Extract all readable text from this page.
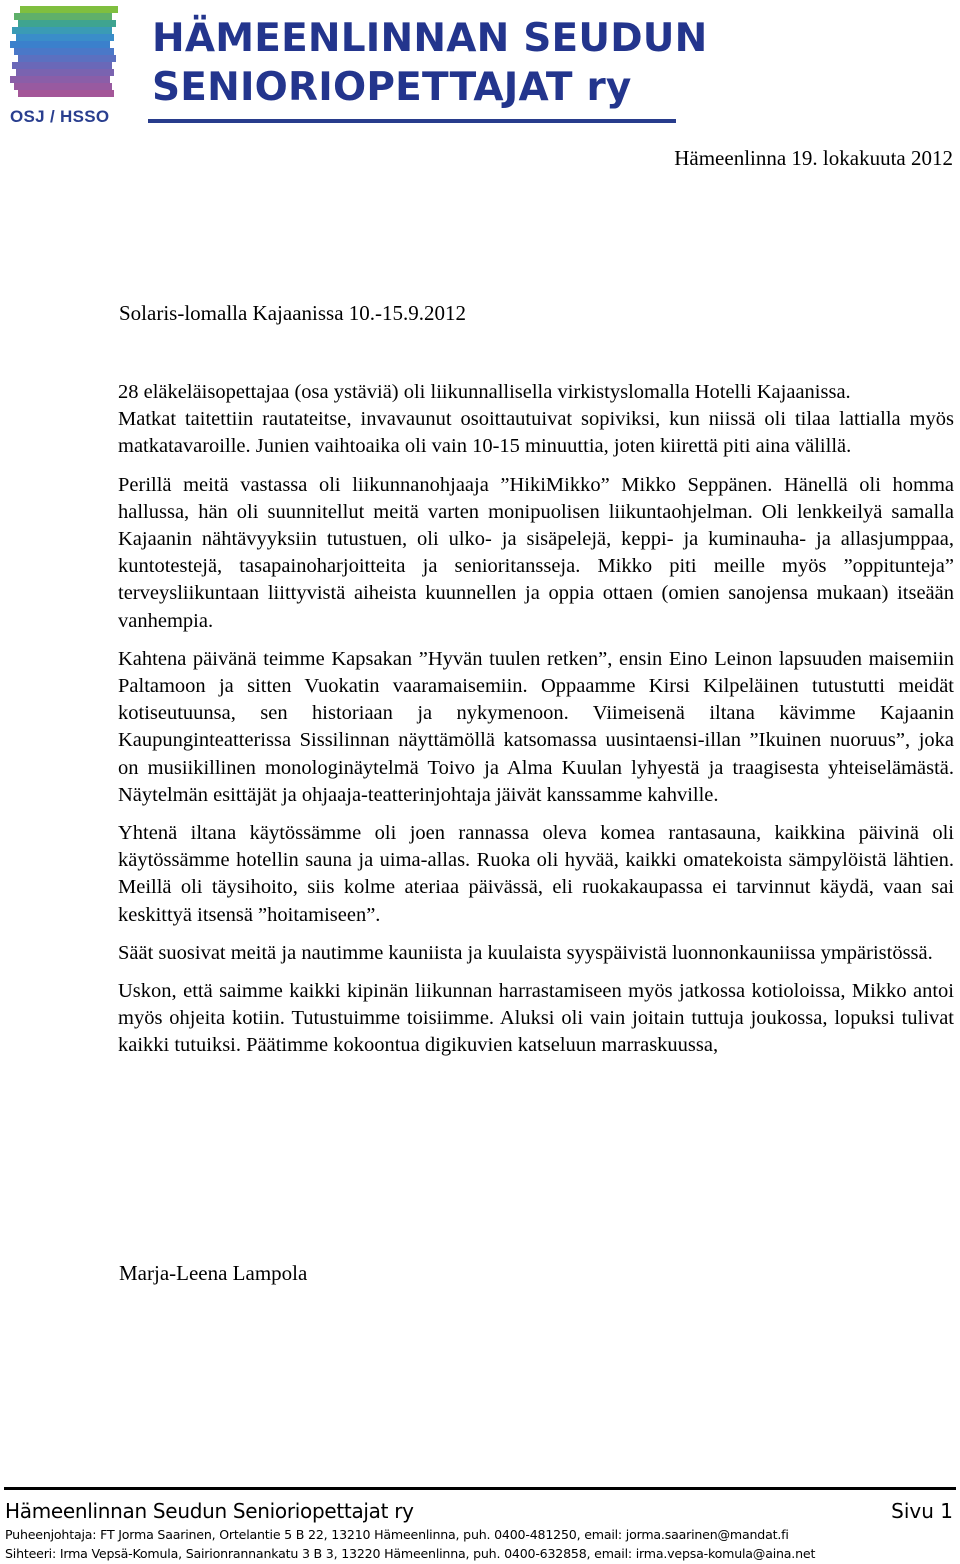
OSJ / HSSO
HÄMEENLINNAN SEUDUN
SENIORIOPETTAJAT ry
Hämeenlinna 19. lokakuuta 2012
Solaris-lomalla Kajaanissa 10.-15.9.2012

28 eläkeläisopettajaa (osa ystäviä) oli liikunnallisella virkistyslomalla Hotelli Kajaanissa.

Matkat taitettiin rautateitse, invavaunut osoittautuivat sopiviksi, kun niissä oli tilaa lattialla myös matkatavaroille. Junien vaihtoaika oli vain 10-15 minuuttia, joten kiirettä piti aina välillä.

Perillä meitä vastassa oli liikunnanohjaaja ”HikiMikko” Mikko Seppänen. Hänellä oli homma hallussa, hän oli suunnitellut meitä varten monipuolisen liikuntaohjelman. Oli lenkkeilyä samalla Kajaanin nähtävyyksiin tutustuen, oli ulko- ja sisäpelejä, keppi- ja kuminauha- ja allasjumppaa, kuntotestejä, tasapainoharjoitteita ja senioritansseja. Mikko piti meille myös ”oppitunteja” terveysliikuntaan liittyvistä aiheista kuunnellen ja oppia ottaen (omien sanojensa mukaan) itseään vanhempia.

Kahtena päivänä teimme Kapsakan ”Hyvän tuulen retken”, ensin Eino Leinon lapsuuden maisemiin Paltamoon ja sitten Vuokatin vaaramaisemiin. Oppaamme Kirsi Kilpeläinen tutustutti meidät kotiseutuunsa, sen historiaan ja nykymenoon. Viimeisenä iltana kävimme Kajaanin Kaupunginteatterissa Sissilinnan näyttämöllä katsomassa uusintaensi-illan ”Ikuinen nuoruus”, joka on musiikillinen monologinäytelmä Toivo ja Alma Kuulan lyhyestä ja traagisesta yhteiselämästä. Näytelmän esittäjät ja ohjaaja-teatterinjohtaja jäivät kanssamme kahville.

Yhtenä iltana käytössämme oli joen rannassa oleva komea rantasauna, kaikkina päivinä oli käytössämme hotellin sauna ja uima-allas. Ruoka oli hyvää, kaikki omatekoista sämpylöistä lähtien. Meillä oli täysihoito, siis kolme ateriaa päivässä, eli ruokakaupassa ei tarvinnut käydä, vaan sai keskittyä itsensä ”hoitamiseen”.

Säät suosivat meitä ja nautimme kauniista ja kuulaista syyspäivistä luonnonkauniissa ympäristössä.

Uskon, että saimme kaikki kipinän liikunnan harrastamiseen myös jatkossa kotioloissa, Mikko antoi myös ohjeita kotiin. Tutustuimme toisiimme. Aluksi oli vain joitain tuttuja joukossa, lopuksi tulivat kaikki tutuiksi. Päätimme kokoontua digikuvien katseluun marraskuussa,

Marja-Leena Lampola
Hämeenlinnan Seudun Senioriopettajat ry	Sivu 1
Puheenjohtaja: FT Jorma Saarinen, Ortelantie 5 B 22, 13210 Hämeenlinna, puh. 0400-481250, email: jorma.saarinen@mandat.fi
Sihteeri: Irma Vepsä-Komula, Sairionrannankatu 3 B 3, 13220 Hämeenlinna, puh. 0400-632858, email: irma.vepsa-komula@aina.net
